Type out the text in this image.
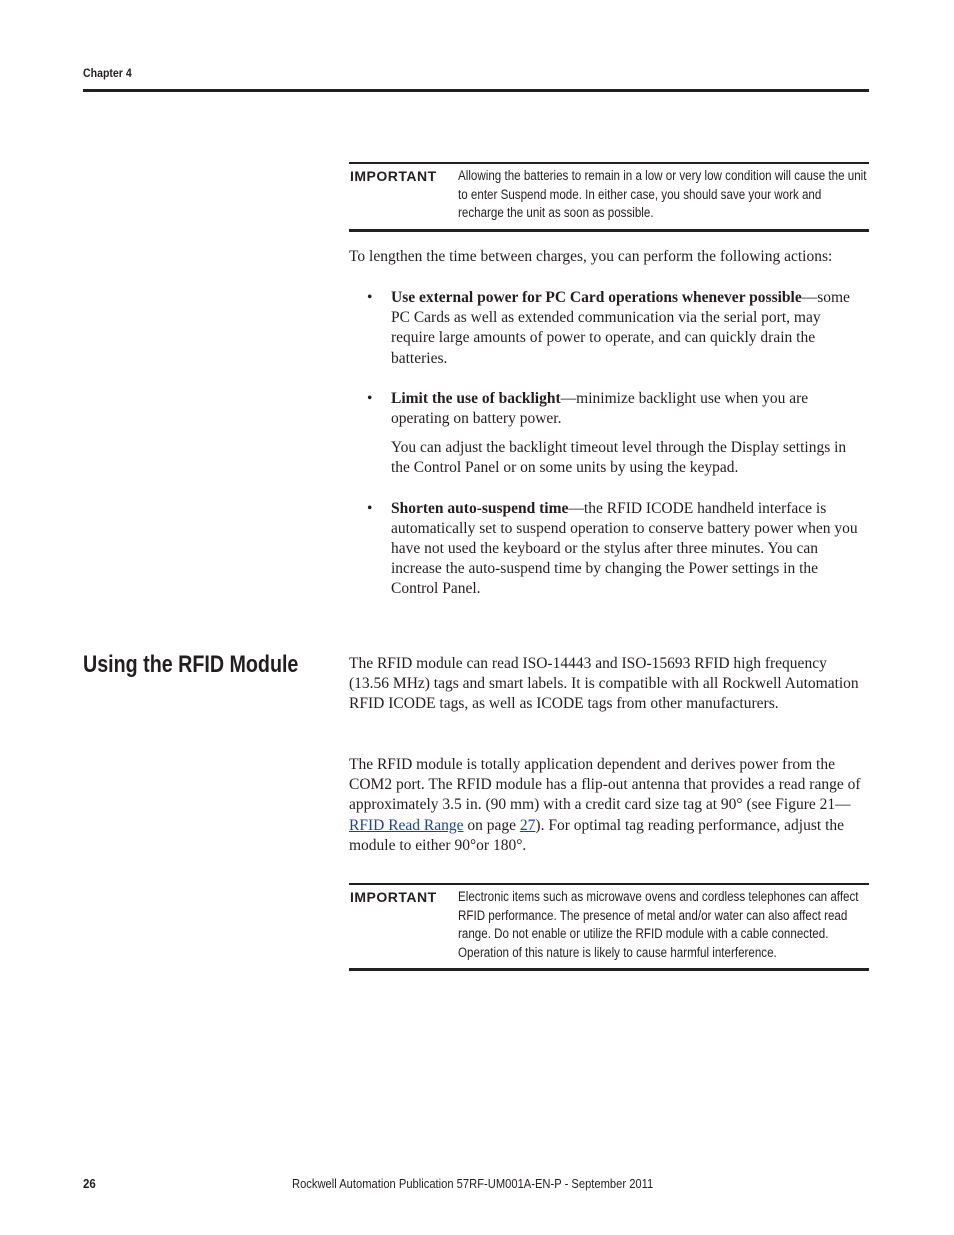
Chapter 4
IMPORTANT Allowing the batteries to remain in a low or very low condition will cause the unit to enter Suspend mode. In either case, you should save your work and recharge the unit as soon as possible.
To lengthen the time between charges, you can perform the following actions:
• Use external power for PC Card operations whenever possible—some PC Cards as well as extended communication via the serial port, may require large amounts of power to operate, and can quickly drain the batteries.

• Limit the use of backlight—minimize backlight use when you are operating on battery power.

You can adjust the backlight timeout level through the Display settings in the Control Panel or on some units by using the keypad.

• Shorten auto-suspend time—the RFID ICODE handheld interface is automatically set to suspend operation to conserve battery power when you have not used the keyboard or the stylus after three minutes. You can increase the auto-suspend time by changing the Power settings in the Control Panel.

Using the RFID Module	The RFID module can read ISO-14443 and ISO-15693 RFID high frequency (13.56 MHz) tags and smart labels. It is compatible with all Rockwell Automation RFID ICODE tags, as well as ICODE tags from other manufacturers.
The RFID module is totally application dependent and derives power from the COM2 port. The RFID module has a flip-out antenna that provides a read range of approximately 3.5 in. (90 mm) with a credit card size tag at 90° (see Figure 21—RFID Read Range on page 27). For optimal tag reading performance, adjust the module to either 90°or 180°.
IMPORTANT Electronic items such as microwave ovens and cordless telephones can affect RFID performance. The presence of metal and/or water can also affect read range. Do not enable or utilize the RFID module with a cable connected. Operation of this nature is likely to cause harmful interference.
26	Rockwell Automation Publication 57RF-UM001A-EN-P - September 2011
